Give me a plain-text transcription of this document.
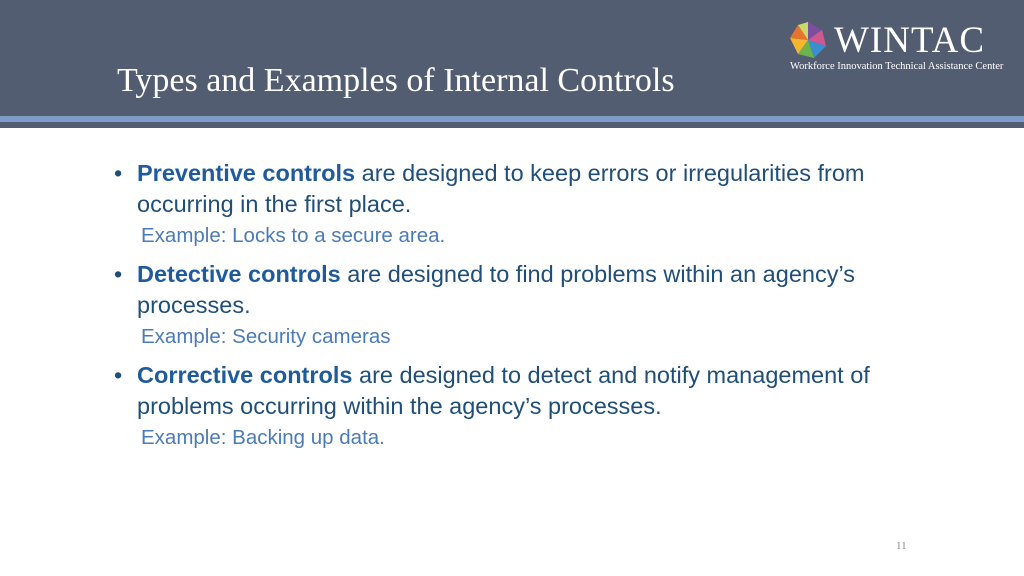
Types and Examples of Internal Controls
WINTAC
Workforce Innovation Technical Assistance Center
• Preventive controls are designed to keep errors or irregularities from occurring in the first place.
Example: Locks to a secure area.
• Detective controls are designed to find problems within an agency’s processes.
Example: Security cameras
• Corrective controls are designed to detect and notify management of problems occurring within the agency’s processes.
Example: Backing up data.
11
